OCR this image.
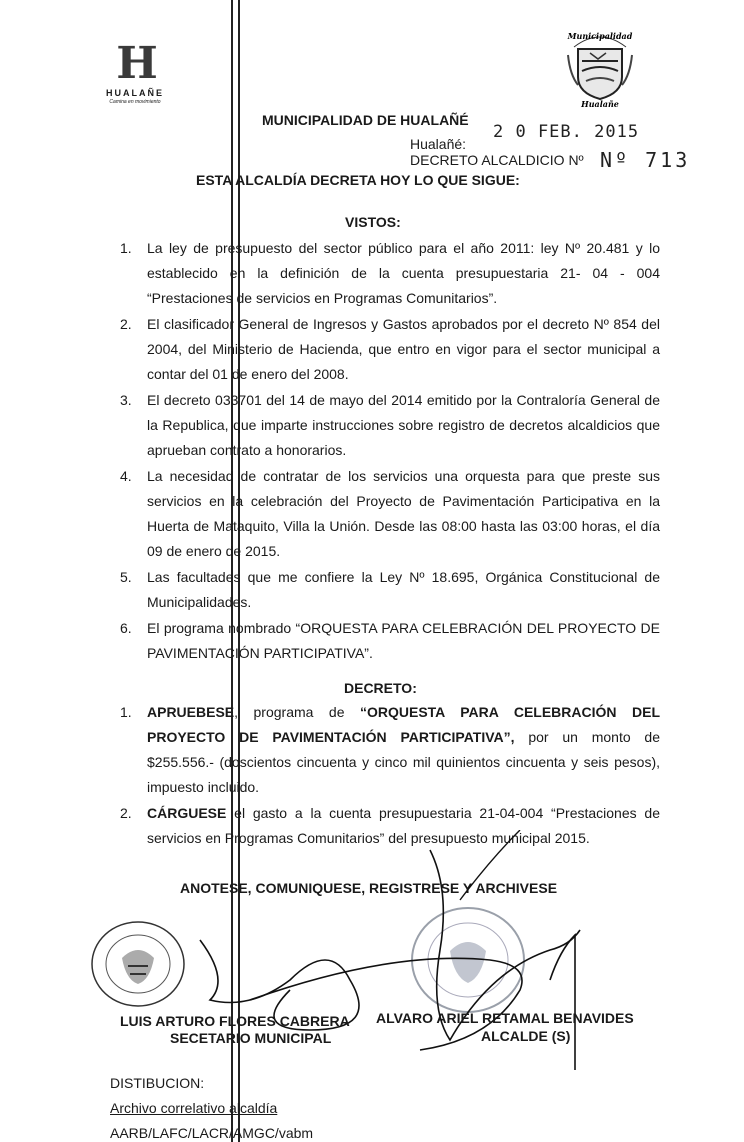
H
HUALAÑE
Camina en movimiento
Municipalidad
Hualañe
MUNICIPALIDAD DE HUALAÑÉ
2 0 FEB. 2015
Hualañé:
DECRETO ALCALDICIO Nº Nº 713
ESTA ALCALDÍA DECRETA HOY LO QUE SIGUE:
VISTOS:
1. La ley de presupuesto del sector público para el año 2011: ley Nº 20.481 y lo establecido en la definición de la cuenta presupuestaria 21- 04 - 004 “Prestaciones de servicios en Programas Comunitarios”.
2. El clasificador General de Ingresos y Gastos aprobados por el decreto Nº 854 del 2004, del Ministerio de Hacienda, que entro en vigor para el sector municipal a contar del 01 de enero del 2008.
3. El decreto 033701 del 14 de mayo del 2014 emitido por la Contraloría General de la Republica, que imparte instrucciones sobre registro de decretos alcaldicios que aprueban contrato a honorarios.
4. La necesidad de contratar de los servicios una orquesta para que preste sus servicios en la celebración del Proyecto de Pavimentación Participativa en la Huerta de Mataquito, Villa la Unión. Desde las 08:00 hasta las 03:00 horas, el día 09 de enero de 2015.
5. Las facultades que me confiere la Ley Nº 18.695, Orgánica Constitucional de Municipalidades.
6. El programa nombrado “ORQUESTA PARA CELEBRACIÓN DEL PROYECTO DE PAVIMENTACIÓN PARTICIPATIVA”.
DECRETO:
1. APRUEBESE, programa de “ORQUESTA PARA CELEBRACIÓN DEL PROYECTO DE PAVIMENTACIÓN PARTICIPATIVA”, por un monto de $255.556.- (doscientos cincuenta y cinco mil quinientos cincuenta y seis pesos), impuesto incluido.
2. CÁRGUESE el gasto a la cuenta presupuestaria 21-04-004 “Prestaciones de servicios en Programas Comunitarios” del presupuesto municipal 2015.
ANOTESE, COMUNIQUESE, REGISTRESE Y ARCHIVESE
LUIS ARTURO FLORES CABRERA
SECETARIO MUNICIPAL
ALVARO ARIEL RETAMAL BENAVIDES
ALCALDE (S)
DISTIBUCION:
Archivo correlativo alcaldía
AARB/LAFC/LACR/AMGC/vabm
